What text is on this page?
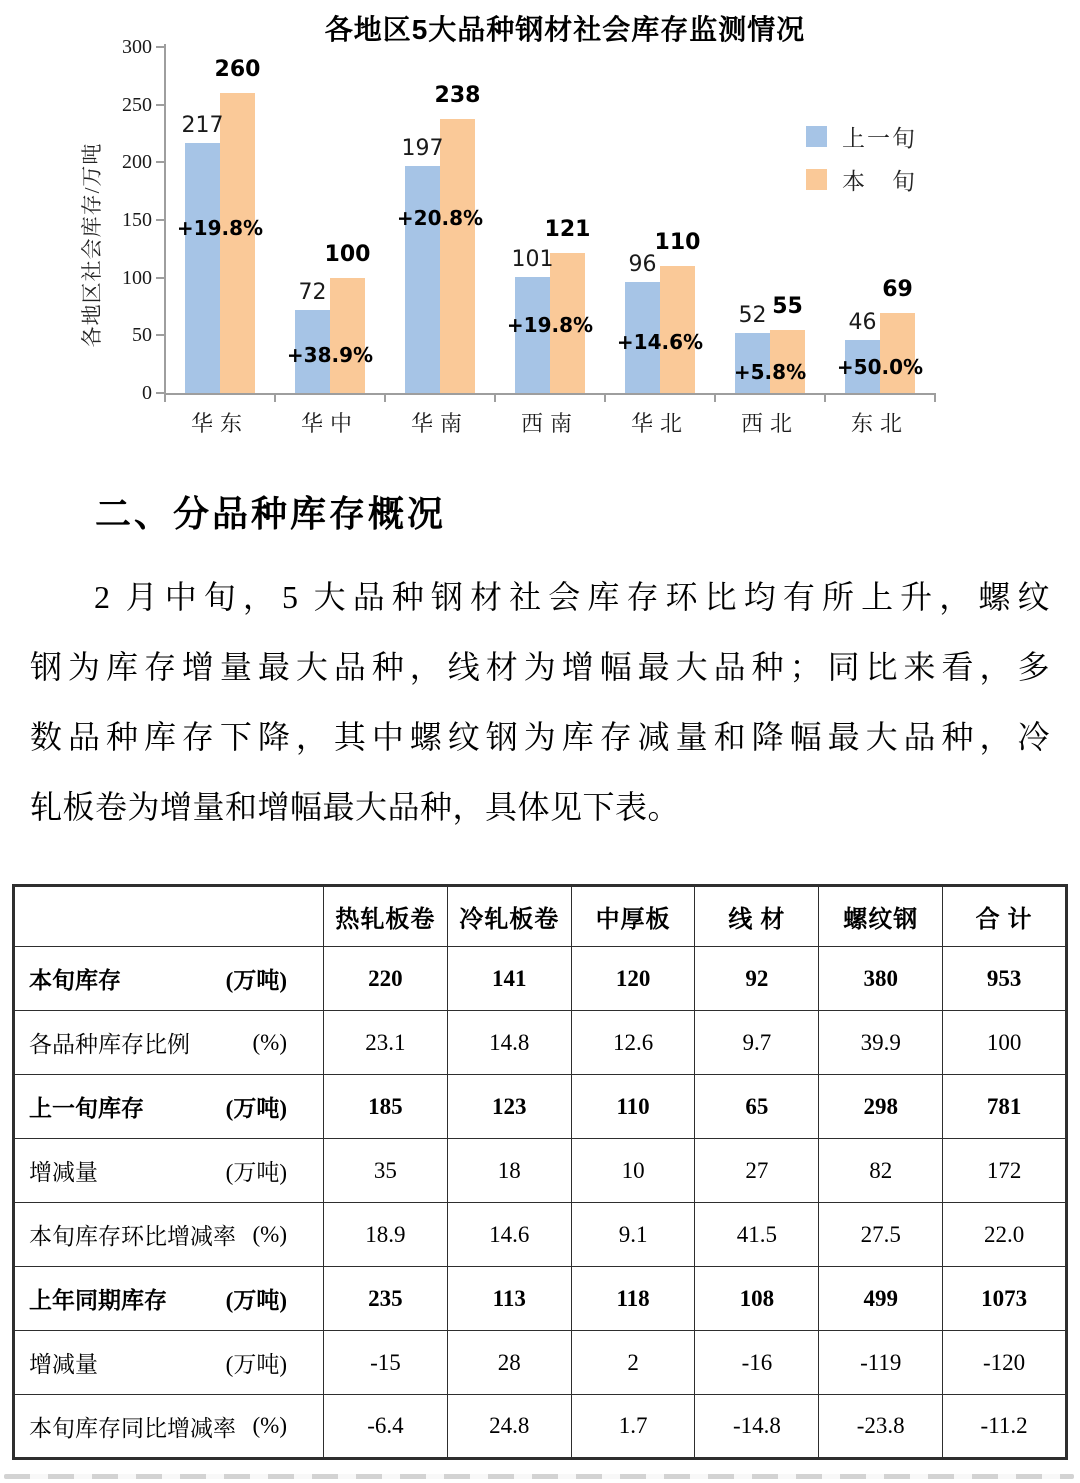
各地区5大品种钢材社会库存监测情况
各地区社会库存/万吨
0
50
100
150
200
250
300
217
260
+19.8%
华东
72
100
+38.9%
华中
197
238
+20.8%
华南
101
121
+19.8%
西南
96
110
+14.6%
华北
52 55
+5.8%
西北
46
69
+50.0%
东北
上一旬
本　旬
二、分品种库存概况
2 月中旬，5 大品种钢材社会库存环比均有所上升，螺纹
钢为库存增量最大品种，线材为增幅最大品种；同比来看，多
数品种库存下降，其中螺纹钢为库存减量和降幅最大品种，冷
轧板卷为增量和增幅最大品种，具体见下表。
	热轧板卷	冷轧板卷	中厚板	线 材	螺纹钢	合 计

本旬库存 (万吨)	220	141	120	92	380	953

各品种库存比例 (%)	23.1	14.8	12.6	9.7	39.9	100

上一旬库存 (万吨)	185	123	110	65	298	781

增减量 (万吨)	35	18	10	27	82	172

本旬库存环比增减率 (%)	18.9	14.6	9.1	41.5	27.5	22.0

上年同期库存 (万吨)	235	113	118	108	499	1073

增减量 (万吨)	-15	28	2	-16	-119	-120

本旬库存同比增减率 (%)	-6.4	24.8	1.7	-14.8	-23.8	-11.2
